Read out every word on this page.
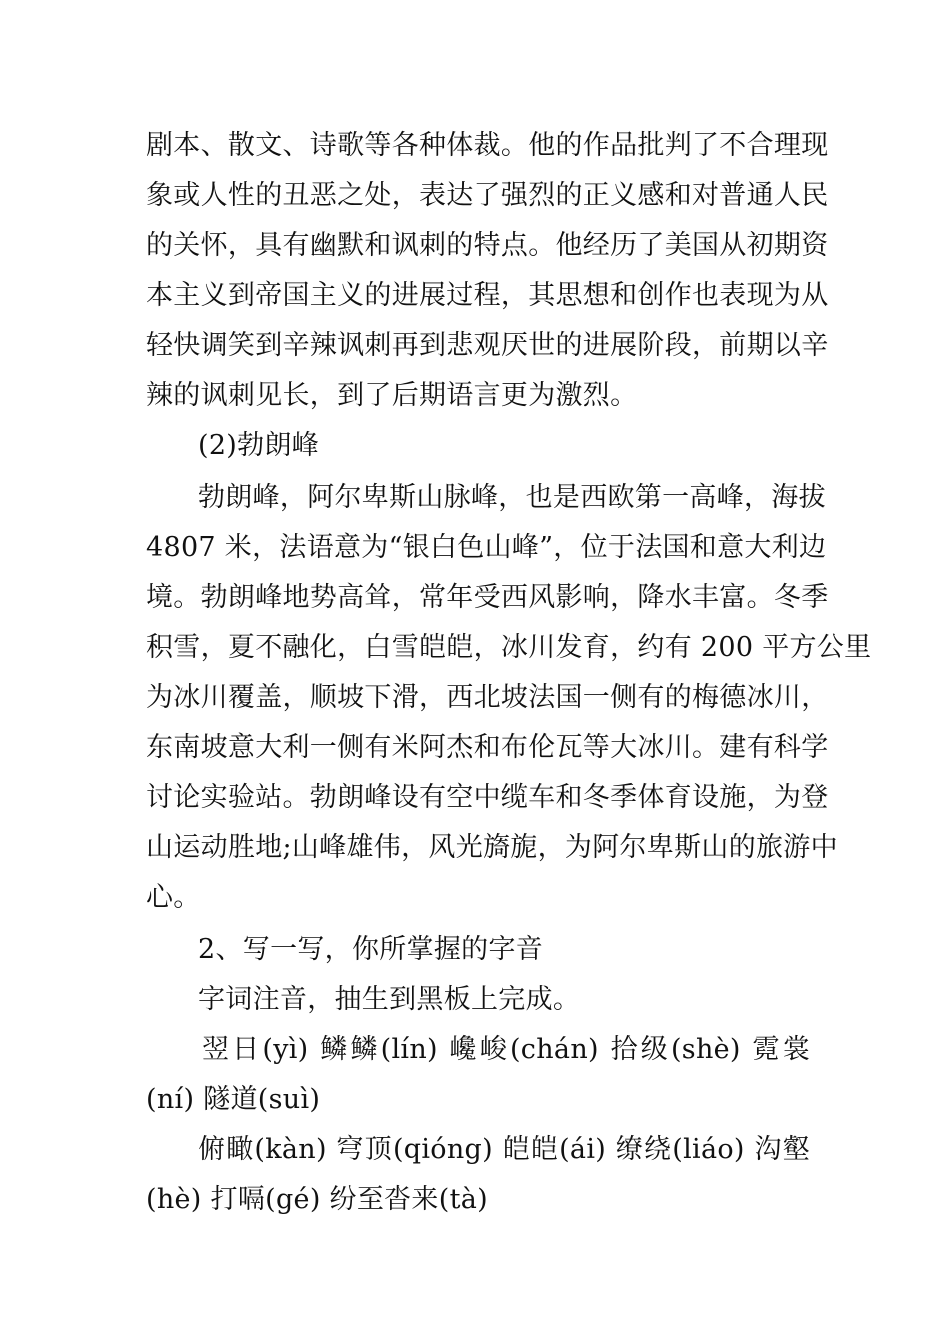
剧本、散文、诗歌等各种体裁。他的作品批判了不合理现
象或人性的丑恶之处，表达了强烈的正义感和对普通人民
的关怀，具有幽默和讽刺的特点。他经历了美国从初期资
本主义到帝国主义的进展过程，其思想和创作也表现为从
轻快调笑到辛辣讽刺再到悲观厌世的进展阶段，前期以辛
辣的讽刺见长，到了后期语言更为激烈。
(2)勃朗峰
勃朗峰，阿尔卑斯山脉峰，也是西欧第一高峰，海拔
4807 米，法语意为“银白色山峰”，位于法国和意大利边
境。勃朗峰地势高耸，常年受西风影响，降水丰富。冬季
积雪，夏不融化，白雪皑皑，冰川发育，约有 200 平方公里
为冰川覆盖，顺坡下滑，西北坡法国一侧有的梅德冰川，
东南坡意大利一侧有米阿杰和布伦瓦等大冰川。建有科学
讨论实验站。勃朗峰设有空中缆车和冬季体育设施，为登
山运动胜地;山峰雄伟，风光旖旎，为阿尔卑斯山的旅游中
心。
2、写一写，你所掌握的字音
字词注音，抽生到黑板上完成。
翌日(yì) 鳞鳞(lín) 巉峻(chán) 拾级(shè) 霓裳
(ní) 隧道(suì)
俯瞰(kàn) 穹顶(qióng) 皑皑(ái) 缭绕(liáo) 沟壑
(hè) 打嗝(gé) 纷至沓来(tà)
